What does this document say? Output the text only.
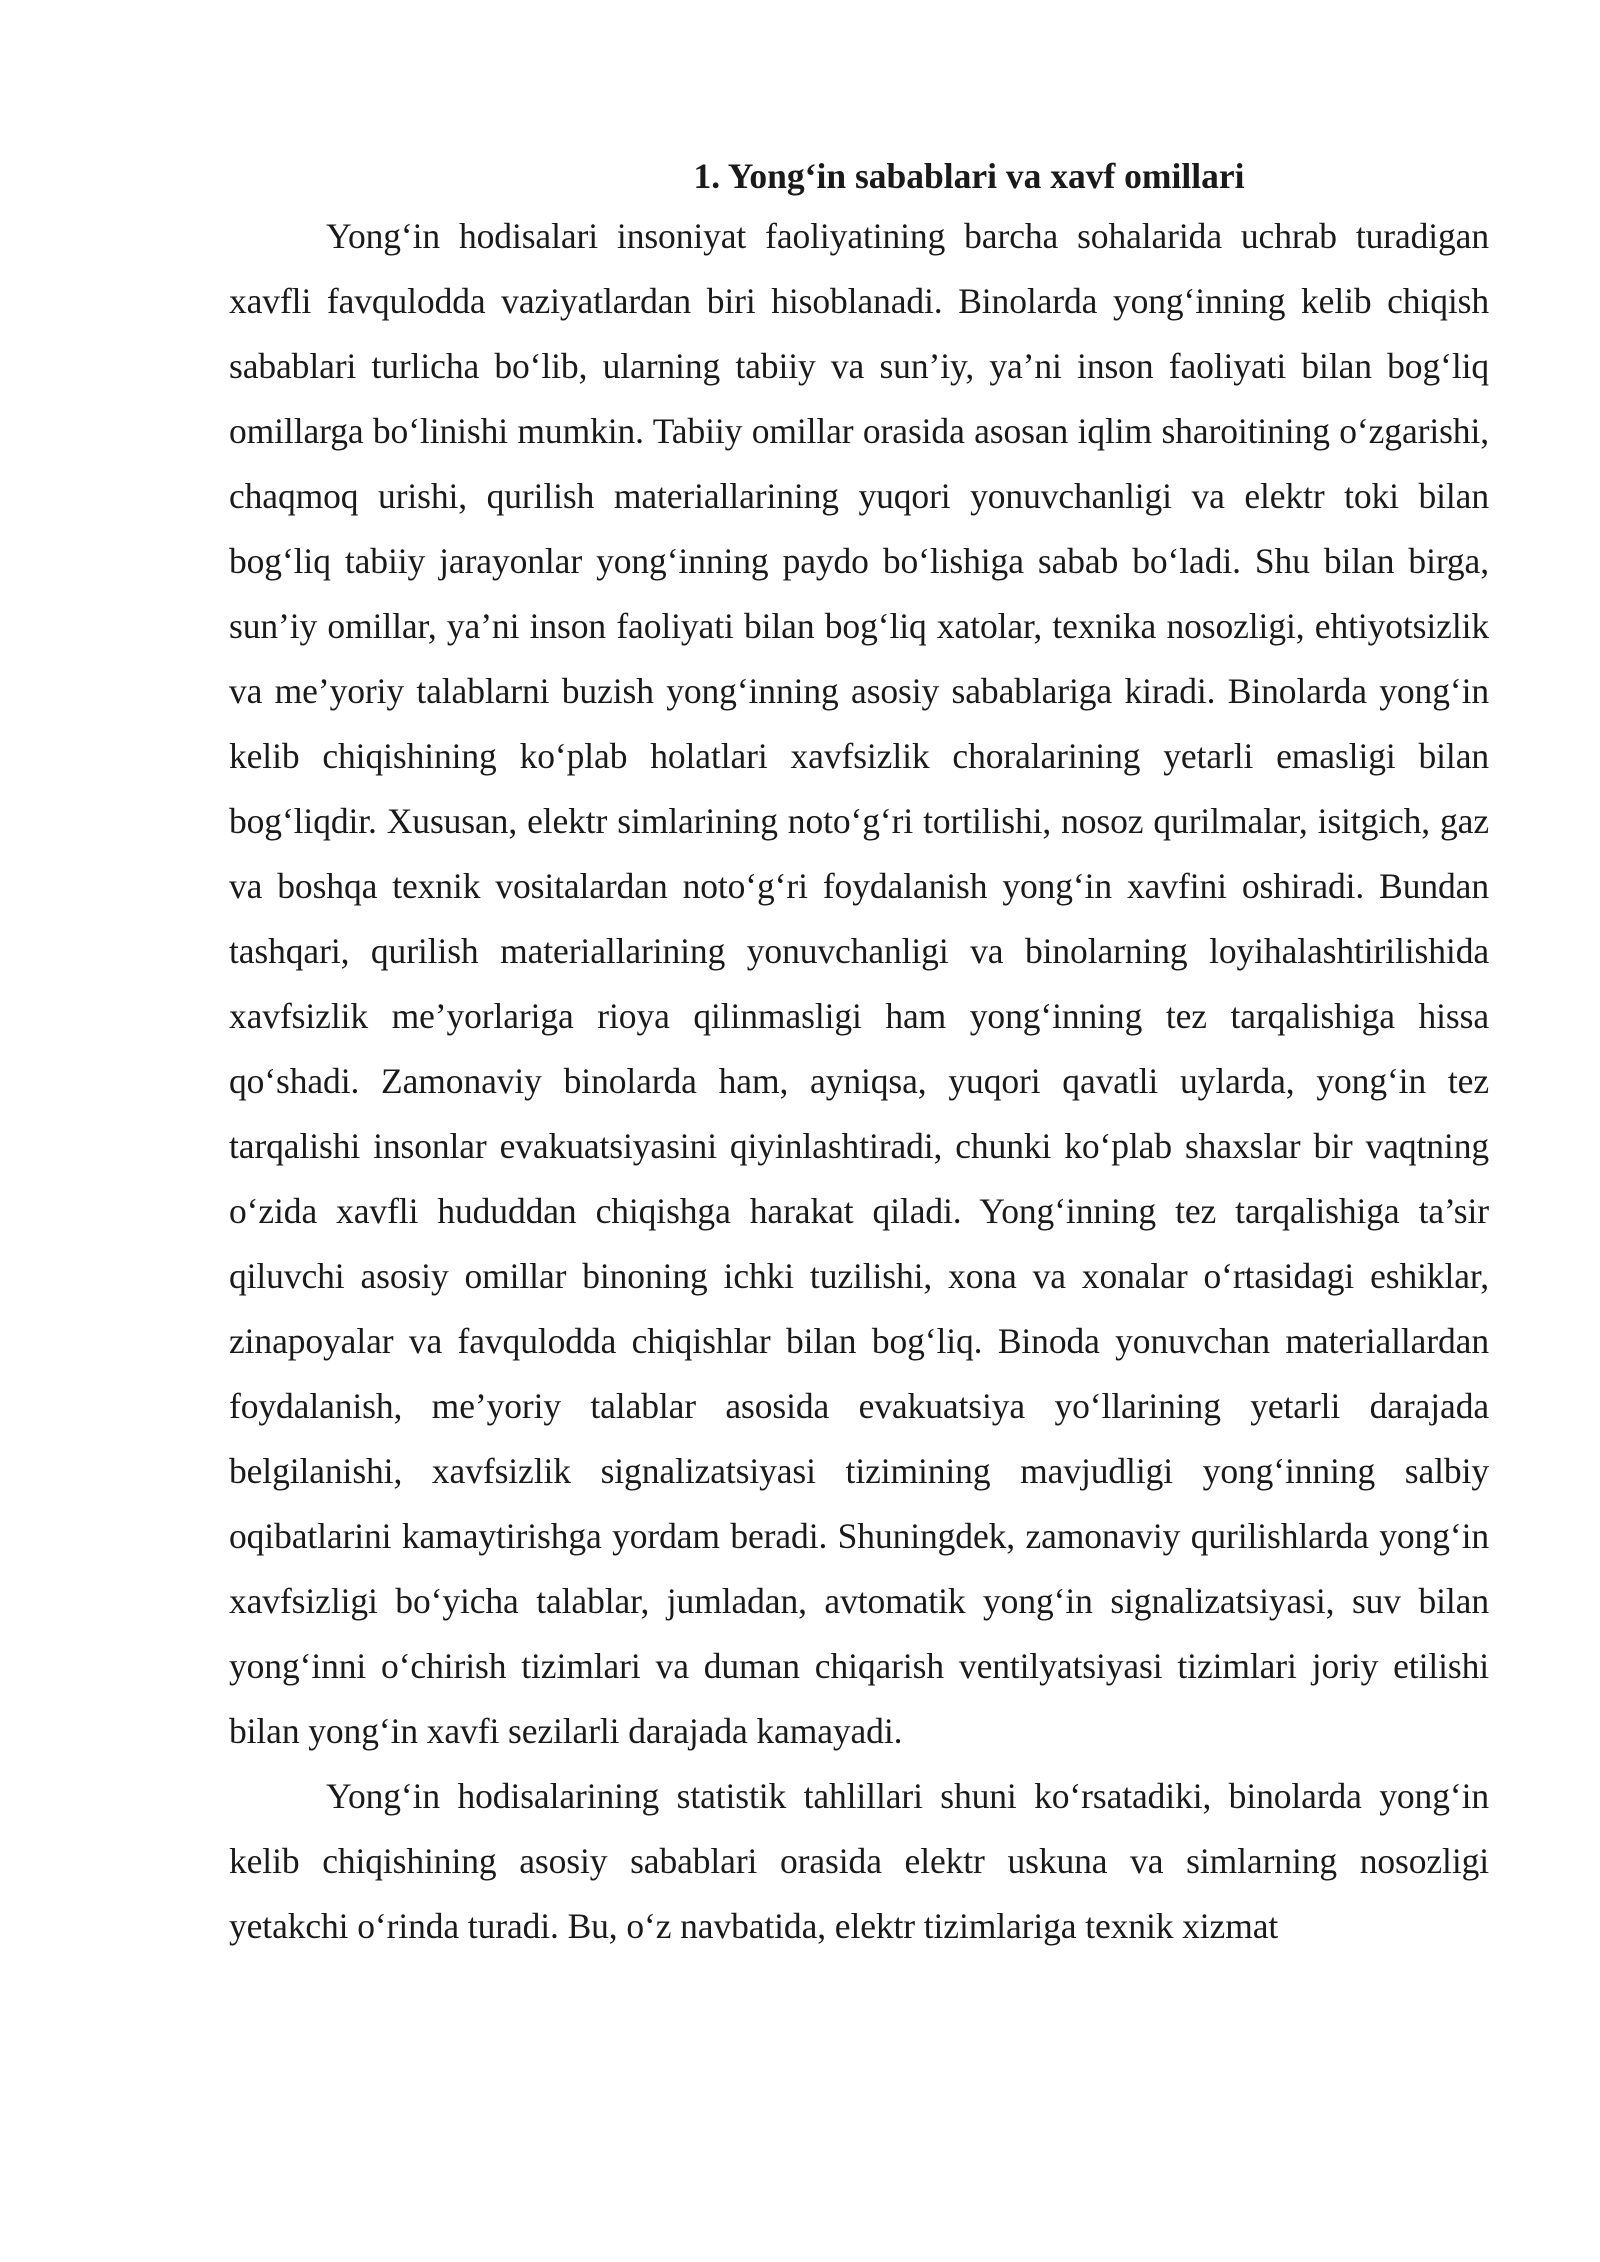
1. Yong‘in sabablari va xavf omillari

Yong‘in hodisalari insoniyat faoliyatining barcha sohalarida uchrab turadigan xavfli favqulodda vaziyatlardan biri hisoblanadi. Binolarda yong‘inning kelib chiqish sabablari turlicha bo‘lib, ularning tabiiy va sun’iy, ya’ni inson faoliyati bilan bog‘liq omillarga bo‘linishi mumkin. Tabiiy omillar orasida asosan iqlim sharoitining o‘zgarishi, chaqmoq urishi, qurilish materiallarining yuqori yonuvchanligi va elektr toki bilan bog‘liq tabiiy jarayonlar yong‘inning paydo bo‘lishiga sabab bo‘ladi. Shu bilan birga, sun’iy omillar, ya’ni inson faoliyati bilan bog‘liq xatolar, texnika nosozligi, ehtiyotsizlik va me’yoriy talablarni buzish yong‘inning asosiy sabablariga kiradi. Binolarda yong‘in kelib chiqishining ko‘plab holatlari xavfsizlik choralarining yetarli emasligi bilan bog‘liqdir. Xususan, elektr simlarining noto‘g‘ri tortilishi, nosoz qurilmalar, isitgich, gaz va boshqa texnik vositalardan noto‘g‘ri foydalanish yong‘in xavfini oshiradi. Bundan tashqari, qurilish materiallarining yonuvchanligi va binolarning loyihalashtirilishida xavfsizlik me’yorlariga rioya qilinmasligi ham yong‘inning tez tarqalishiga hissa qo‘shadi. Zamonaviy binolarda ham, ayniqsa, yuqori qavatli uylarda, yong‘in tez tarqalishi insonlar evakuatsiyasini qiyinlashtiradi, chunki ko‘plab shaxslar bir vaqtning o‘zida xavfli hududdan chiqishga harakat qiladi. Yong‘inning tez tarqalishiga ta’sir qiluvchi asosiy omillar binoning ichki tuzilishi, xona va xonalar o‘rtasidagi eshiklar, zinapoyalar va favqulodda chiqishlar bilan bog‘liq. Binoda yonuvchan materiallardan foydalanish, me’yoriy talablar asosida evakuatsiya yo‘llarining yetarli darajada belgilanishi, xavfsizlik signalizatsiyasi tizimining mavjudligi yong‘inning salbiy oqibatlarini kamaytirishga yordam beradi. Shuningdek, zamonaviy qurilishlarda yong‘in xavfsizligi bo‘yicha talablar, jumladan, avtomatik yong‘in signalizatsiyasi, suv bilan yong‘inni o‘chirish tizimlari va duman chiqarish ventilyatsiyasi tizimlari joriy etilishi bilan yong‘in xavfi sezilarli darajada kamayadi.

Yong‘in hodisalarining statistik tahlillari shuni ko‘rsatadiki, binolarda yong‘in kelib chiqishining asosiy sabablari orasida elektr uskuna va simlarning nosozligi yetakchi o‘rinda turadi. Bu, o‘z navbatida, elektr tizimlariga texnik xizmat
